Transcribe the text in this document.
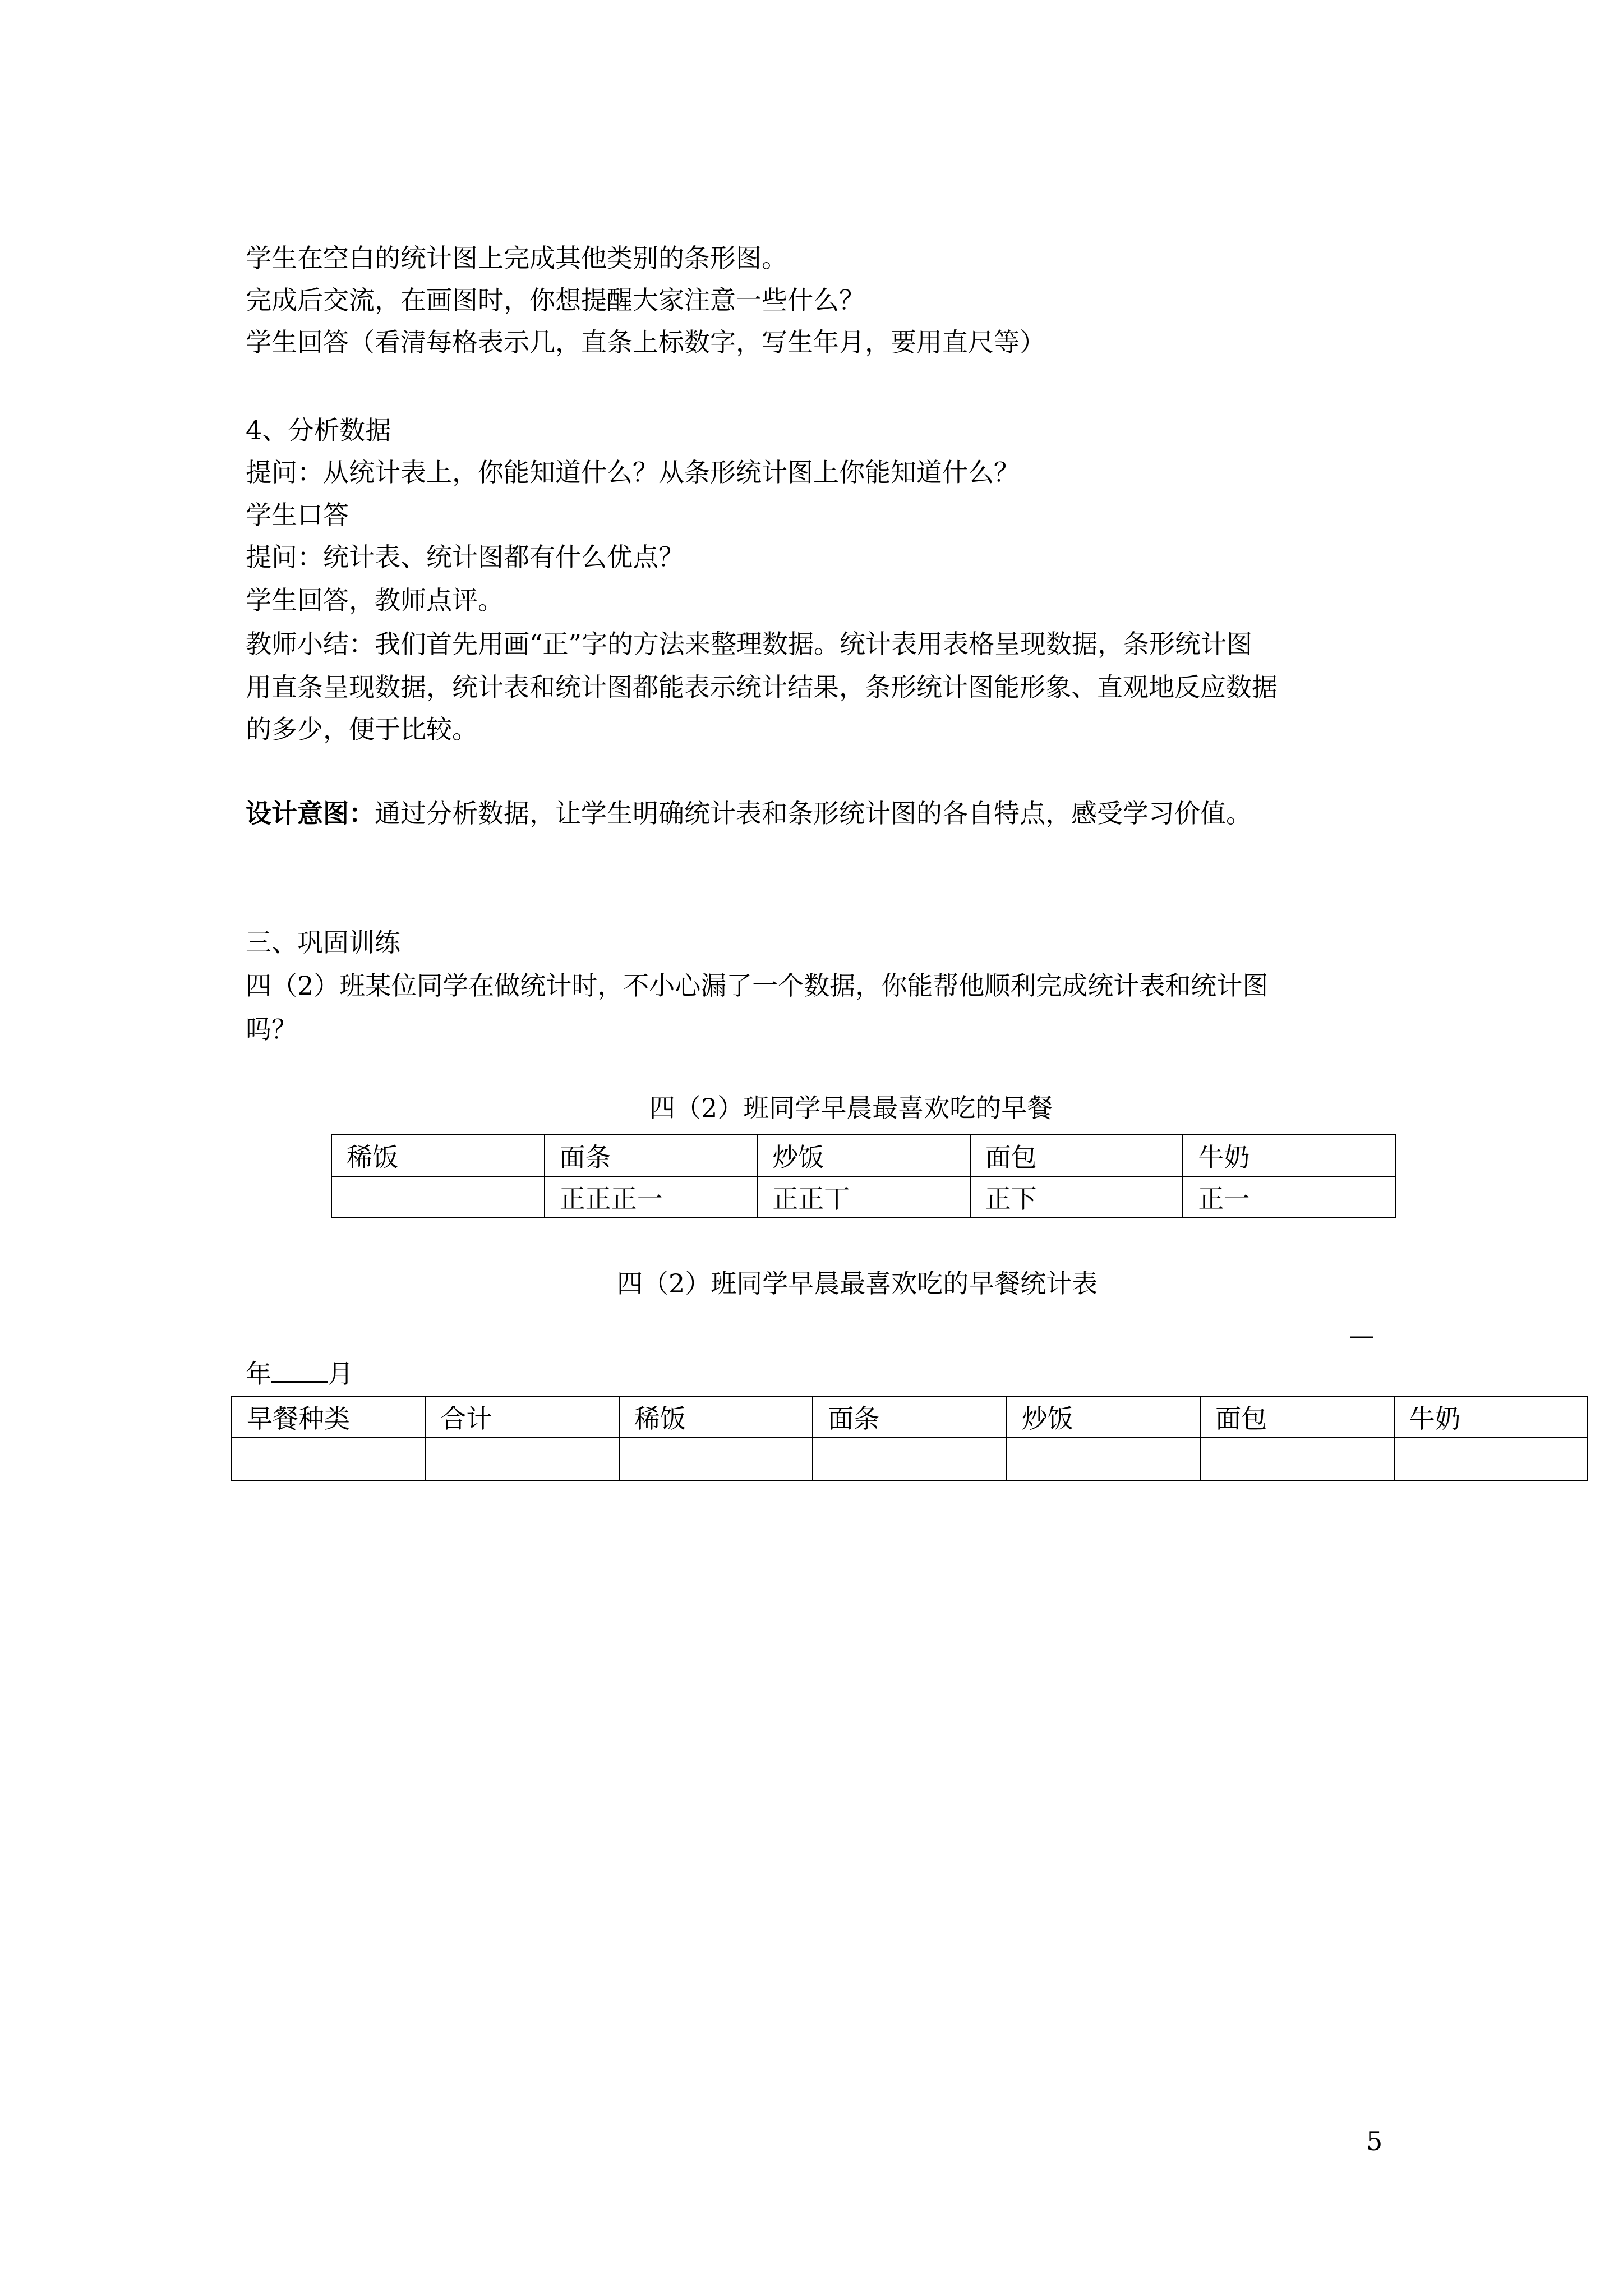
学生在空白的统计图上完成其他类别的条形图。
完成后交流，在画图时，你想提醒大家注意一些什么？
学生回答（看清每格表示几，直条上标数字，写生年月，要用直尺等）
4、分析数据
提问：从统计表上，你能知道什么？从条形统计图上你能知道什么？
学生口答
提问：统计表、统计图都有什么优点？
学生回答，教师点评。
教师小结：我们首先用画“正”字的方法来整理数据。统计表用表格呈现数据，条形统计图
用直条呈现数据，统计表和统计图都能表示统计结果，条形统计图能形象、直观地反应数据
的多少，便于比较。
设计意图：通过分析数据，让学生明确统计表和条形统计图的各自特点，感受学习价值。
三、巩固训练
四（2）班某位同学在做统计时，不小心漏了一个数据，你能帮他顺利完成统计表和统计图
吗？
四（2）班同学早晨最喜欢吃的早餐
稀饭	面条	炒饭	面包	牛奶
	正正正一	正正丅	正下	正一
四（2）班同学早晨最喜欢吃的早餐统计表
—
年 月
早餐种类	合计	稀饭	面条	炒饭	面包	牛奶

5
